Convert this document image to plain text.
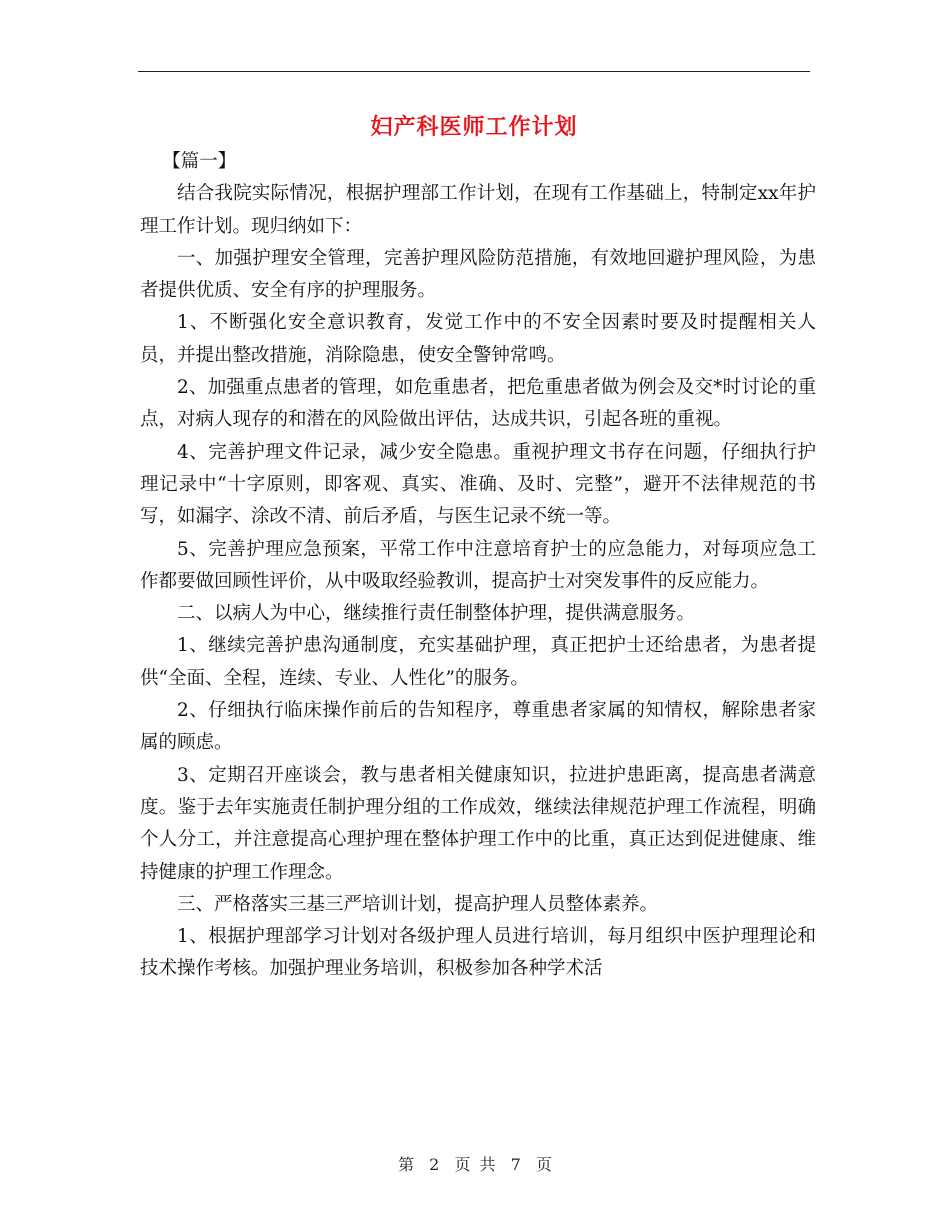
妇产科医师工作计划

【篇一】

结合我院实际情况，根据护理部工作计划，在现有工作基础上，特制定xx年护理工作计划。现归纳如下：

一、加强护理安全管理，完善护理风险防范措施，有效地回避护理风险，为患者提供优质、安全有序的护理服务。

1、不断强化安全意识教育，发觉工作中的不安全因素时要及时提醒相关人员，并提出整改措施，消除隐患，使安全警钟常鸣。

2、加强重点患者的管理，如危重患者，把危重患者做为例会及交*时讨论的重点，对病人现存的和潜在的风险做出评估，达成共识，引起各班的重视。

4、完善护理文件记录，减少安全隐患。重视护理文书存在问题，仔细执行护理记录中“十字原则，即客观、真实、准确、及时、完整”，避开不法律规范的书写，如漏字、涂改不清、前后矛盾，与医生记录不统一等。

5、完善护理应急预案，平常工作中注意培育护士的应急能力，对每项应急工作都要做回顾性评价，从中吸取经验教训，提高护士对突发事件的反应能力。

二、以病人为中心，继续推行责任制整体护理，提供满意服务。

1、继续完善护患沟通制度，充实基础护理，真正把护士还给患者，为患者提供“全面、全程，连续、专业、人性化”的服务。

2、仔细执行临床操作前后的告知程序，尊重患者家属的知情权，解除患者家属的顾虑。

3、定期召开座谈会，教与患者相关健康知识，拉进护患距离，提高患者满意度。鉴于去年实施责任制护理分组的工作成效，继续法律规范护理工作流程，明确个人分工，并注意提高心理护理在整体护理工作中的比重，真正达到促进健康、维持健康的护理工作理念。

三、严格落实三基三严培训计划，提高护理人员整体素养。

1、根据护理部学习计划对各级护理人员进行培训，每月组织中医护理理论和技术操作考核。加强护理业务培训，积极参加各种学术活

第 2 页 共 7 页
